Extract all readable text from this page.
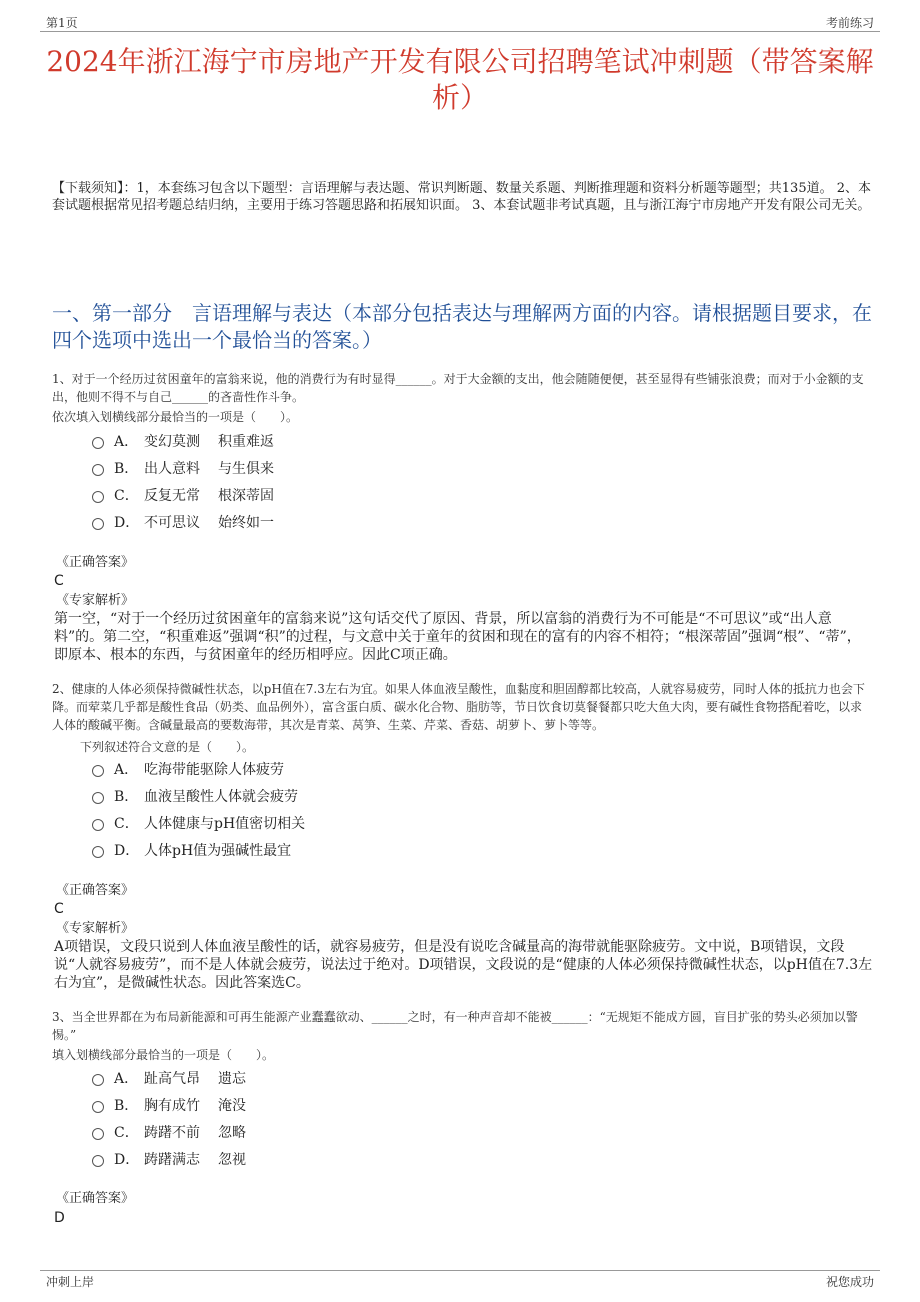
第1页	考前练习
2024年浙江海宁市房地产开发有限公司招聘笔试冲刺题（带答案解析）
【下载须知】：1，本套练习包含以下题型：言语理解与表达题、常识判断题、数量关系题、判断推理题和资料分析题等题型；共135道。 2、本套试题根据常见招考题总结归纳，主要用于练习答题思路和拓展知识面。 3、本套试题非考试真题，且与浙江海宁市房地产开发有限公司无关。
一、第一部分　言语理解与表达（本部分包括表达与理解两方面的内容。请根据题目要求，在四个选项中选出一个最恰当的答案。）
1、对于一个经历过贫困童年的富翁来说，他的消费行为有时显得______。对于大金额的支出，他会随随便便，甚至显得有些铺张浪费；而对于小金额的支出，他则不得不与自己______的吝啬性作斗争。
依次填入划横线部分最恰当的一项是（　　）。
A． 变幻莫测	积重难返
B． 出人意料	与生俱来
C． 反复无常	根深蒂固
D． 不可思议	始终如一
《正确答案》
C
《专家解析》
第一空，“对于一个经历过贫困童年的富翁来说”这句话交代了原因、背景，所以富翁的消费行为不可能是“不可思议”或“出人意料”的。第二空，“积重难返”强调“积”的过程，与文意中关于童年的贫困和现在的富有的内容不相符；“根深蒂固”强调“根”、“蒂”，即原本、根本的东西，与贫困童年的经历相呼应。因此C项正确。
2、健康的人体必须保持微碱性状态，以pH值在7.3左右为宜。如果人体血液呈酸性，血黏度和胆固醇都比较高，人就容易疲劳，同时人体的抵抗力也会下降。而荤菜几乎都是酸性食品（奶类、血品例外），富含蛋白质、碳水化合物、脂肪等，节日饮食切莫餐餐都只吃大鱼大肉，要有碱性食物搭配着吃，以求人体的酸碱平衡。含碱量最高的要数海带，其次是青菜、莴笋、生菜、芹菜、香菇、胡萝卜、萝卜等等。
下列叙述符合文意的是（　　）。
A． 吃海带能驱除人体疲劳
B． 血液呈酸性人体就会疲劳
C． 人体健康与pH值密切相关
D． 人体pH值为强碱性最宜
《正确答案》
C
《专家解析》
A项错误，文段只说到人体血液呈酸性的话，就容易疲劳，但是没有说吃含碱量高的海带就能驱除疲劳。文中说，B项错误，文段说“人就容易疲劳”，而不是人体就会疲劳，说法过于绝对。D项错误，文段说的是“健康的人体必须保持微碱性状态，以pH值在7.3左右为宜”，是微碱性状态。因此答案选C。
3、当全世界都在为布局新能源和可再生能源产业蠢蠢欲动、______之时，有一种声音却不能被______：“无规矩不能成方圆，盲目扩张的势头必须加以警惕。”
填入划横线部分最恰当的一项是（　　）。
A． 趾高气昂	遗忘
B． 胸有成竹	淹没
C． 踌躇不前	忽略
D． 踌躇满志	忽视
《正确答案》
D
冲刺上岸	祝您成功
